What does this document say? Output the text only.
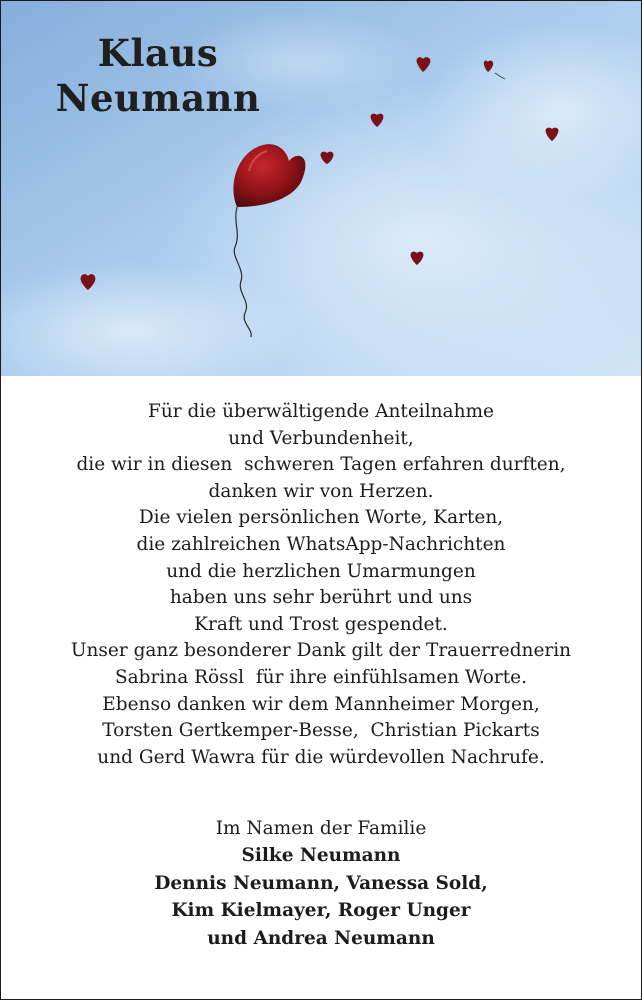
Klaus
Neumann
Für die überwältigende Anteilnahme
und Verbundenheit,
die wir in diesen  schweren Tagen erfahren durften,
danken wir von Herzen.
Die vielen persönlichen Worte, Karten,
die zahlreichen WhatsApp-Nachrichten
und die herzlichen Umarmungen
haben uns sehr berührt und uns
Kraft und Trost gespendet.
Unser ganz besonderer Dank gilt der Trauerrednerin
Sabrina Rössl  für ihre einfühlsamen Worte.
Ebenso danken wir dem Mannheimer Morgen,
Torsten Gertkemper-Besse,  Christian Pickarts
und Gerd Wawra für die würdevollen Nachrufe.
Im Namen der Familie
Silke Neumann
Dennis Neumann, Vanessa Sold,
Kim Kielmayer, Roger Unger
und Andrea Neumann
